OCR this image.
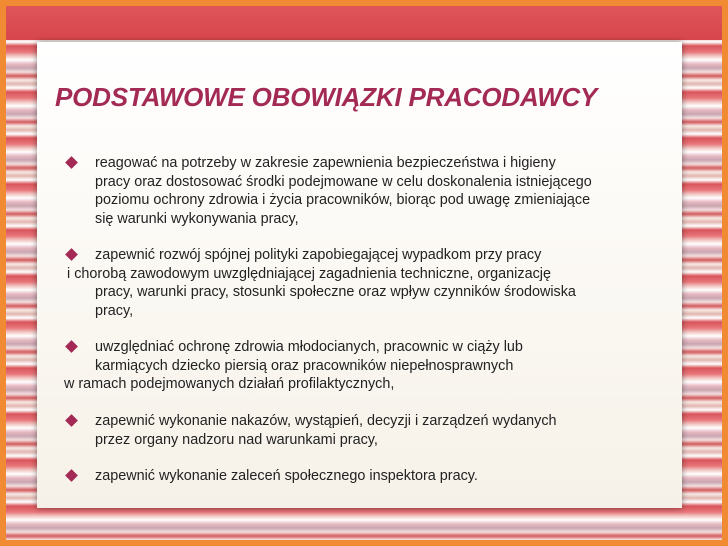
PODSTAWOWE OBOWIĄZKI PRACODAWCY
reagować na potrzeby w zakresie zapewnienia bezpieczeństwa i higieny
pracy oraz dostosować środki podejmowane w celu doskonalenia istniejącego
poziomu ochrony zdrowia i życia pracowników, biorąc pod uwagę zmieniające
się warunki wykonywania pracy,
zapewnić rozwój spójnej polityki zapobiegającej wypadkom przy pracy
i chorobą zawodowym uwzględniającej zagadnienia techniczne, organizację
pracy, warunki pracy, stosunki społeczne oraz wpływ czynników środowiska
pracy,
uwzględniać ochronę zdrowia młodocianych, pracownic w ciąży lub
karmiących dziecko piersią oraz pracowników niepełnosprawnych
w ramach podejmowanych działań profilaktycznych,
zapewnić wykonanie nakazów, wystąpień, decyzji i zarządzeń wydanych
przez organy nadzoru nad warunkami pracy,
zapewnić wykonanie zaleceń społecznego inspektora pracy.
